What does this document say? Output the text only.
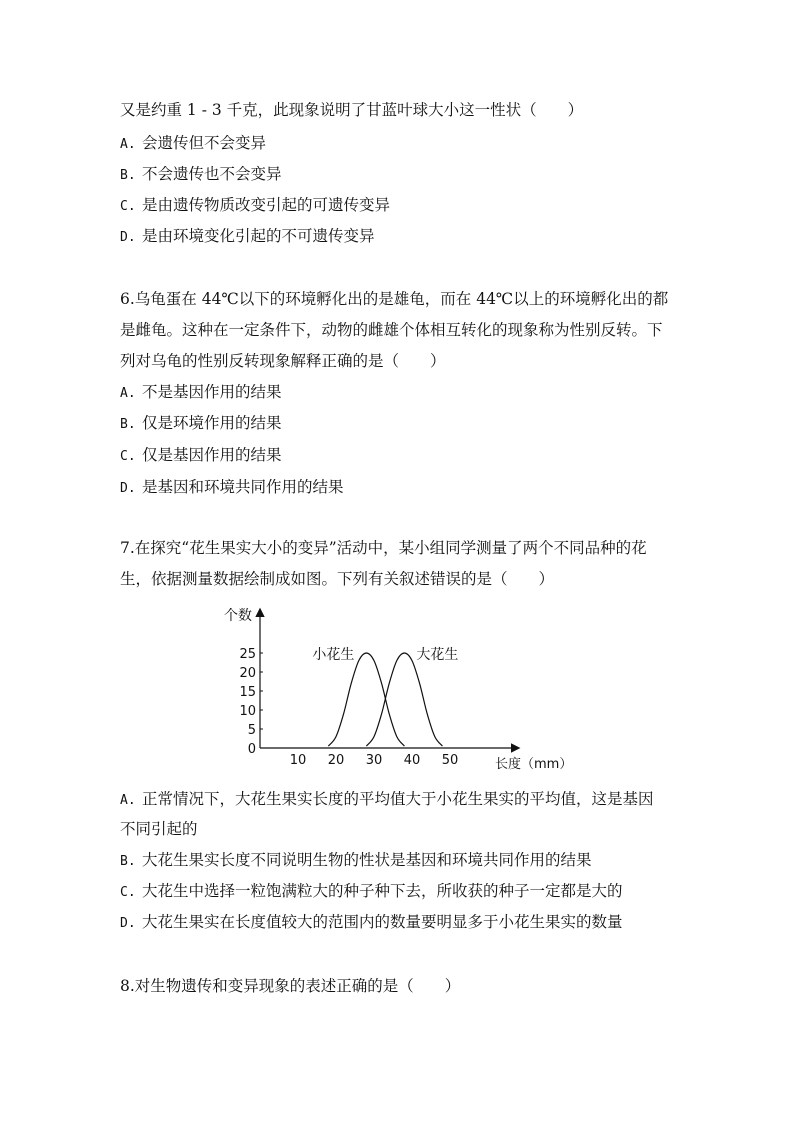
又是约重 1 - 3 千克，此现象说明了甘蓝叶球大小这一性状（　　）
A. 会遗传但不会变异
B. 不会遗传也不会变异
C. 是由遗传物质改变引起的可遗传变异
D. 是由环境变化引起的不可遗传变异
6.乌龟蛋在 44℃以下的环境孵化出的是雄龟，而在 44℃以上的环境孵化出的都
是雌龟。这种在一定条件下，动物的雌雄个体相互转化的现象称为性别反转。下
列对乌龟的性别反转现象解释正确的是（　　）
A. 不是基因作用的结果
B. 仅是环境作用的结果
C. 仅是基因作用的结果
D. 是基因和环境共同作用的结果
7.在探究“花生果实大小的变异”活动中，某小组同学测量了两个不同品种的花
生，依据测量数据绘制成如图。下列有关叙述错误的是（　　）
个数
长度（mm）
10 20 30 40 50
0
5
10
15
20
25	小花生	大花生
A. 正常情况下，大花生果实长度的平均值大于小花生果实的平均值，这是基因
不同引起的
B. 大花生果实长度不同说明生物的性状是基因和环境共同作用的结果
C. 大花生中选择一粒饱满粒大的种子种下去，所收获的种子一定都是大的
D. 大花生果实在长度值较大的范围内的数量要明显多于小花生果实的数量
8.对生物遗传和变异现象的表述正确的是（　　）
